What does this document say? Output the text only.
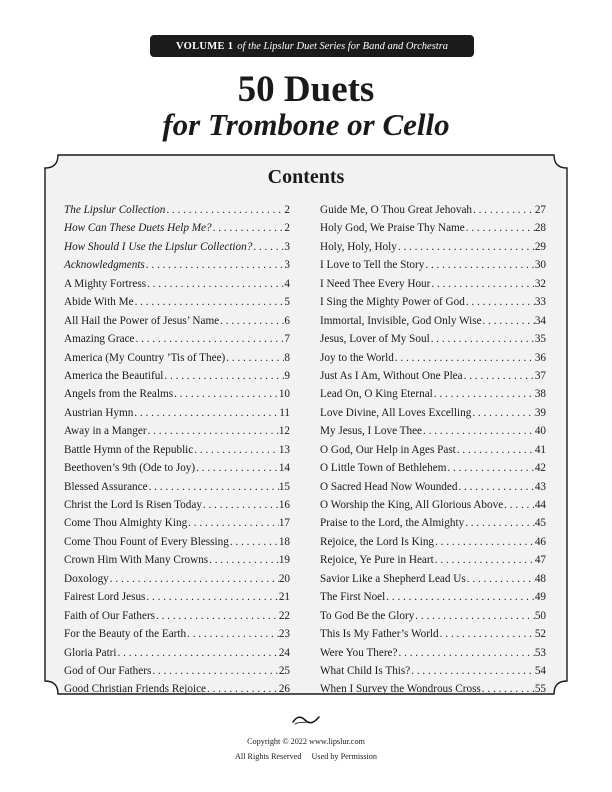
VOLUME 1 of the Lipslur Duet Series for Band and Orchestra
50 Duets
for Trombone or Cello
Contents
The Lipslur Collection . . .	2
How Can These Duets Help Me? . . .	2
How Should I Use the Lipslur Collection? . . .	3
Acknowledgments . . .	3
A Mighty Fortress . . .	4
Abide With Me . . .	5
All Hail the Power of Jesus’ Name . . .	6
Amazing Grace . . .	7
America (My Country ’Tis of Thee) . . .	8
America the Beautiful . . .	9
Angels from the Realms . . .	10
Austrian Hymn . . .	11
Away in a Manger . . .	12
Battle Hymn of the Republic . . .	13
Beethoven’s 9th (Ode to Joy) . . .	14
Blessed Assurance . . .	15
Christ the Lord Is Risen Today . . .	16
Come Thou Almighty King . . .	17
Come Thou Fount of Every Blessing . . .	18
Crown Him With Many Crowns . . .	19
Doxology . . .	20
Fairest Lord Jesus . . .	21
Faith of Our Fathers . . .	22
For the Beauty of the Earth . . .	23
Gloria Patri . . .	24
God of Our Fathers . . .	25
Good Christian Friends Rejoice . . .	26
Guide Me, O Thou Great Jehovah . . .	27
Holy God, We Praise Thy Name . . .	28
Holy, Holy, Holy . . .	29
I Love to Tell the Story . . .	30
I Need Thee Every Hour . . .	32
I Sing the Mighty Power of God . . .	33
Immortal, Invisible, God Only Wise . . .	34
Jesus, Lover of My Soul . . .	35
Joy to the World . . .	36
Just As I Am, Without One Plea . . .	37
Lead On, O King Eternal . . .	38
Love Divine, All Loves Excelling . . .	39
My Jesus, I Love Thee . . .	40
O God, Our Help in Ages Past . . .	41
O Little Town of Bethlehem . . .	42
O Sacred Head Now Wounded . . .	43
O Worship the King, All Glorious Above . . .	44
Praise to the Lord, the Almighty . . .	45
Rejoice, the Lord Is King . . .	46
Rejoice, Ye Pure in Heart . . .	47
Savior Like a Shepherd Lead Us . . .	48
The First Noel . . .	49
To God Be the Glory . . .	50
This Is My Father’s World . . .	52
Were You There? . . .	53
What Child Is This? . . .	54
When I Survey the Wondrous Cross . . .	55
Copyright © 2022 www.lipslur.com
All Rights Reserved Used by Permission
